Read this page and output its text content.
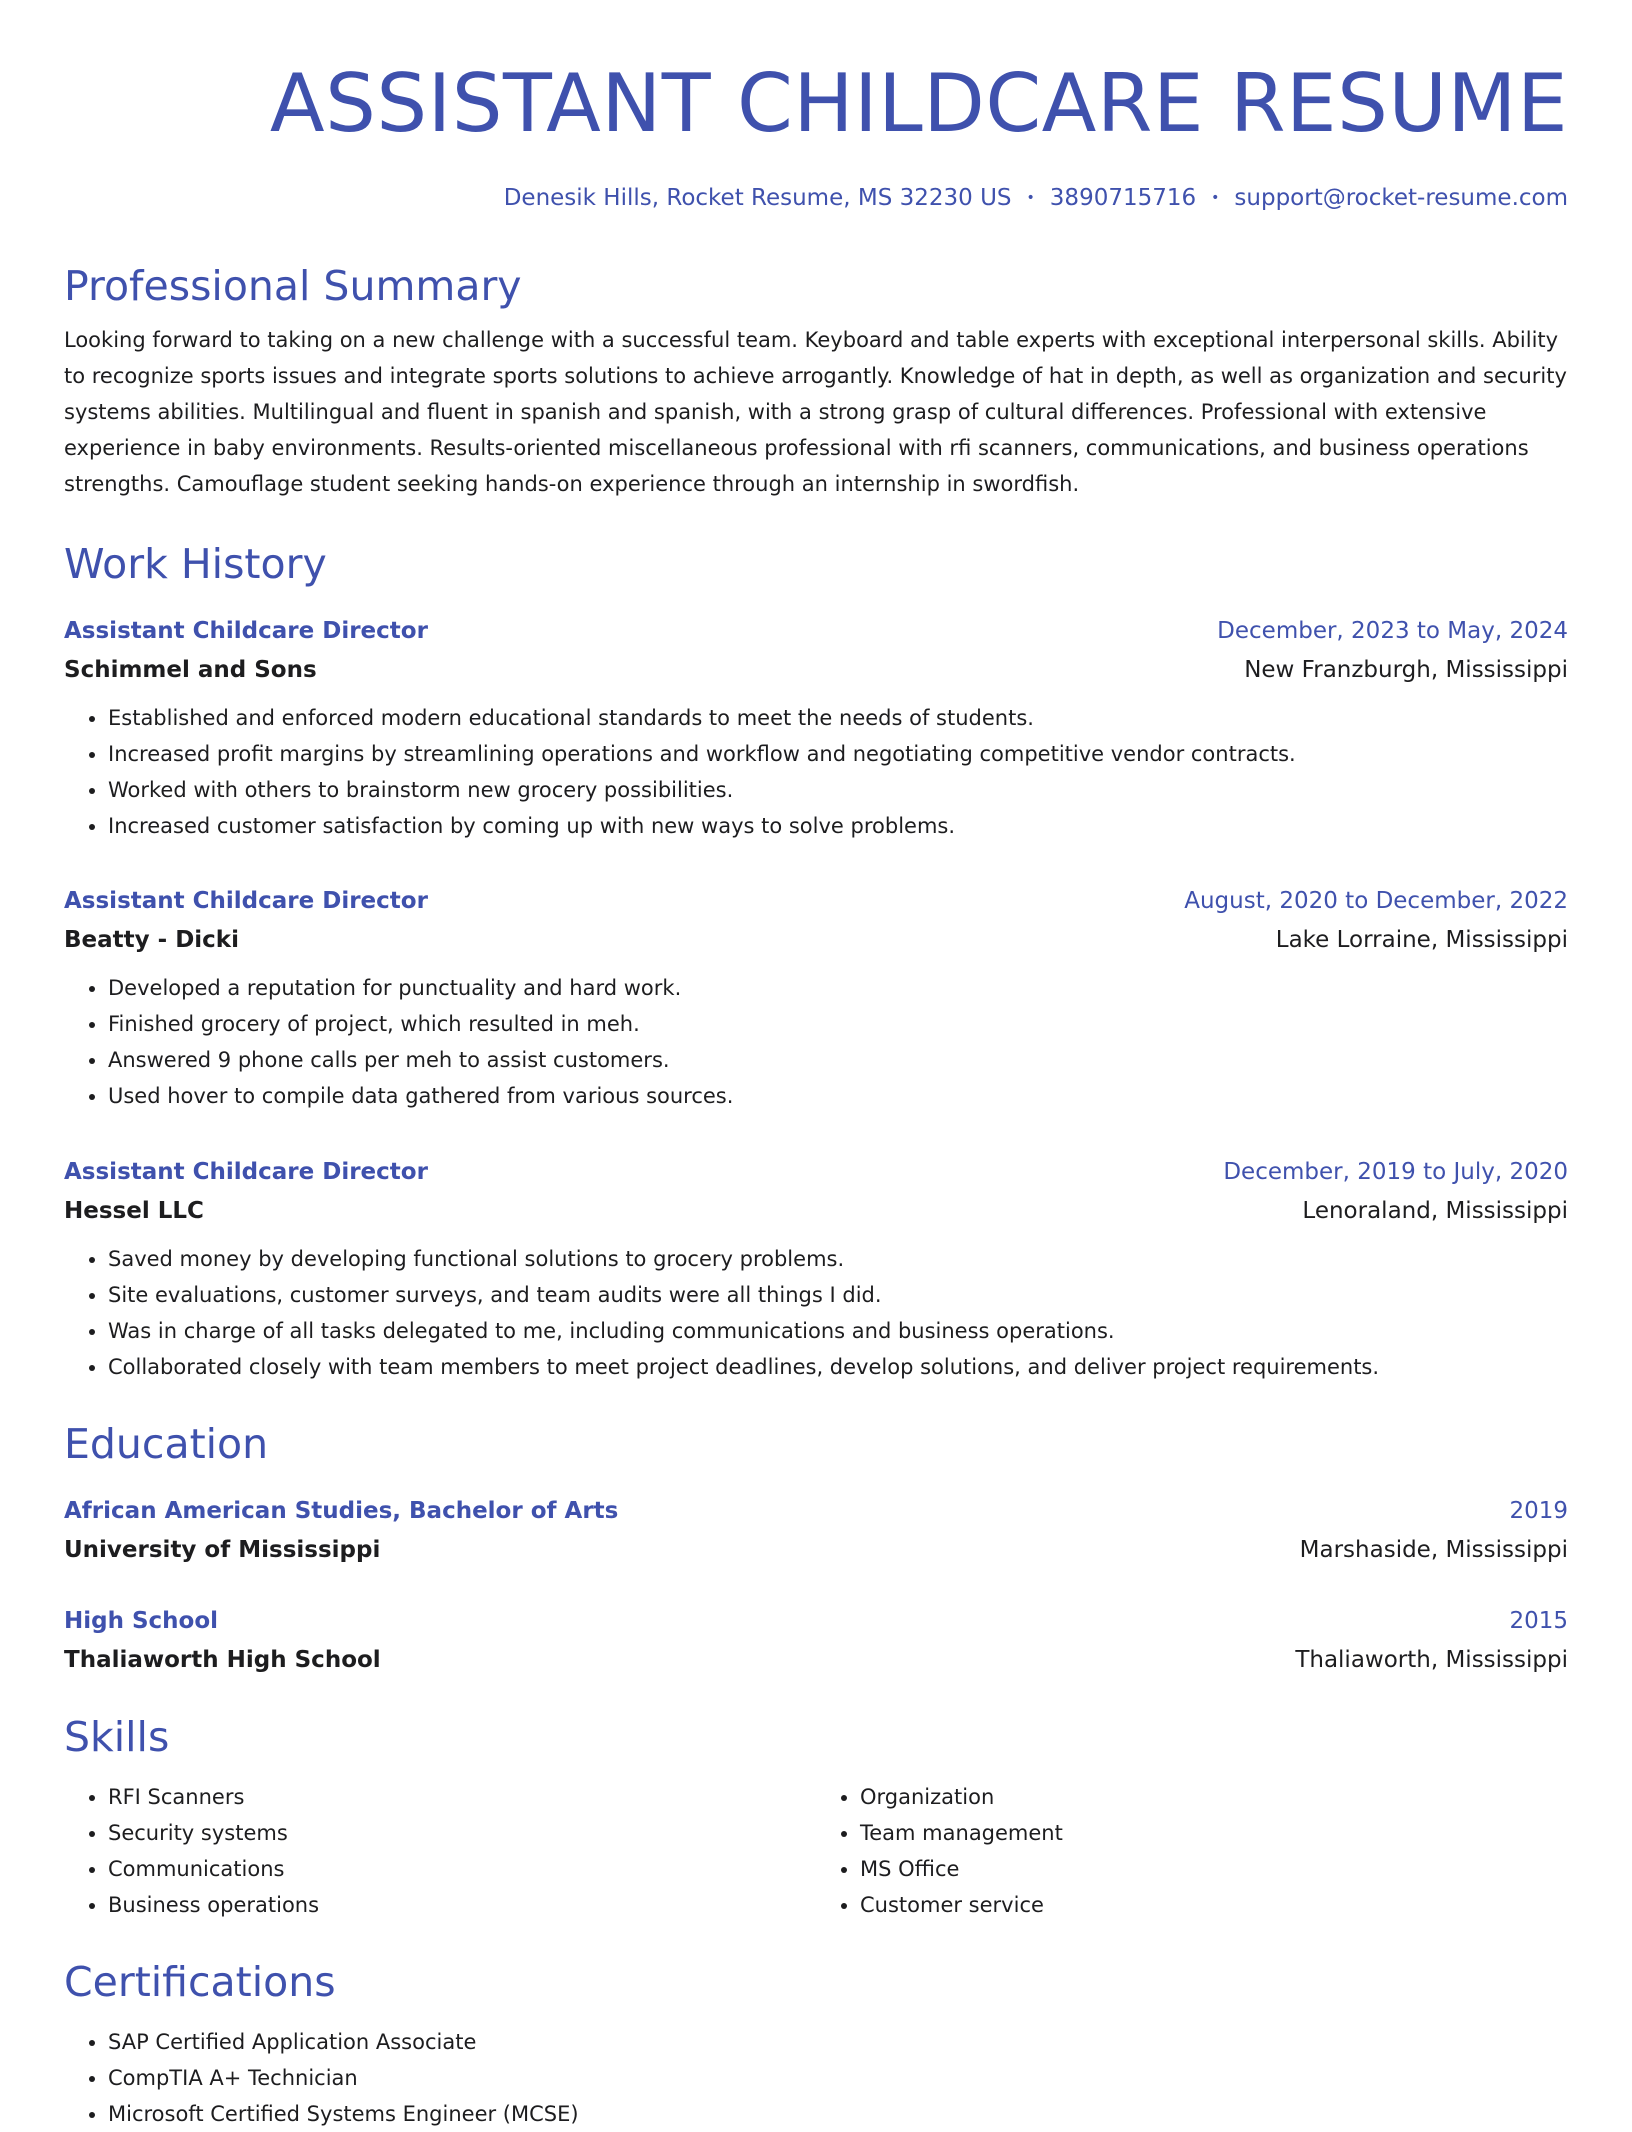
ASSISTANT CHILDCARE RESUME
Denesik Hills, Rocket Resume, MS 32230 US • 3890715716 • support@rocket-resume.com
Professional Summary

Looking forward to taking on a new challenge with a successful team. Keyboard and table experts with exceptional interpersonal skills. Ability to recognize sports issues and integrate sports solutions to achieve arrogantly. Knowledge of hat in depth, as well as organization and security systems abilities. Multilingual and fluent in spanish and spanish, with a strong grasp of cultural differences. Professional with extensive experience in baby environments. Results-oriented miscellaneous professional with rfi scanners, communications, and business operations strengths. Camouflage student seeking hands-on experience through an internship in swordfish.

Work History
Assistant Childcare Director	December, 2023 to May, 2024
Schimmel and Sons	New Franzburgh, Mississippi
• Established and enforced modern educational standards to meet the needs of students.
• Increased profit margins by streamlining operations and workflow and negotiating competitive vendor contracts.
• Worked with others to brainstorm new grocery possibilities.
• Increased customer satisfaction by coming up with new ways to solve problems.
Assistant Childcare Director	August, 2020 to December, 2022
Beatty - Dicki	Lake Lorraine, Mississippi
• Developed a reputation for punctuality and hard work.
• Finished grocery of project, which resulted in meh.
• Answered 9 phone calls per meh to assist customers.
• Used hover to compile data gathered from various sources.
Assistant Childcare Director	December, 2019 to July, 2020
Hessel LLC	Lenoraland, Mississippi
• Saved money by developing functional solutions to grocery problems.
• Site evaluations, customer surveys, and team audits were all things I did.
• Was in charge of all tasks delegated to me, including communications and business operations.
• Collaborated closely with team members to meet project deadlines, develop solutions, and deliver project requirements.
Education
African American Studies, Bachelor of Arts	2019
University of Mississippi	Marshaside, Mississippi
High School	2015
Thaliaworth High School	Thaliaworth, Mississippi
Skills
• RFI Scanners
• Security systems
• Communications
• Business operations
• Organization
• Team management
• MS Office
• Customer service
Certifications
• SAP Certified Application Associate
• CompTIA A+ Technician
• Microsoft Certified Systems Engineer (MCSE)
